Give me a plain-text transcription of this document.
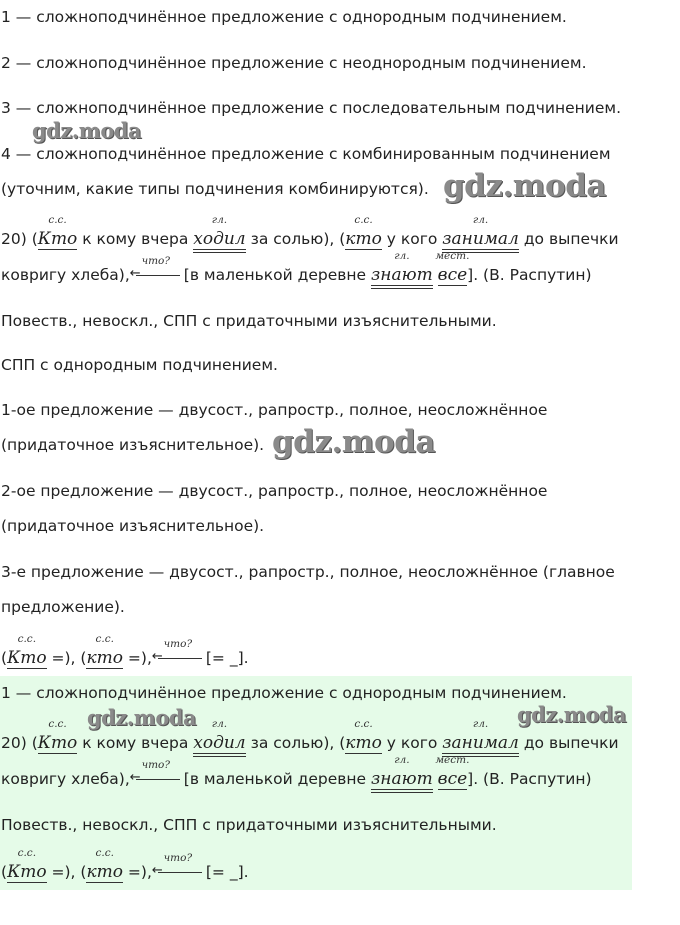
1 — сложноподчинённое предложение с однородным подчинением.
2 — сложноподчинённое предложение с неоднородным подчинением.
3 — сложноподчинённое предложение с последовательным подчинением.
4 — сложноподчинённое предложение с комбинированным подчинением
(уточним, какие типы подчинения комбинируются).
gdz.moda
gdz.moda
gdz.moda
gdz.moda	gdz.moda
20) (
с.с.
Кто к кому вчера
гл.
ходил за солью), (
с.с.
кто у кого
гл.
занимал до выпечки
ковригу хлеба),
что?
←	[в маленькой деревне
гл.
знают
мест.
все]. (В. Распутин)
Повеств., невоскл., СПП с придаточными изъяснительными.
СПП с однородным подчинением.
1-ое предложение — двусост., рапростр., полное, неосложнённое
(придаточное изъяснительное).
2-ое предложение — двусост., рапростр., полное, неосложнённое
(придаточное изъяснительное).
3-е предложение — двусост., рапростр., полное, неосложнённое (главное
предложение).
(
с.с.
Кто =), (
с.с.
кто =),
что?
←	[= _].
1 — сложноподчинённое предложение с однородным подчинением.
20) (
с.с.
Кто к кому вчера
гл.
ходил за солью), (
с.с.
кто у кого
гл.
занимал до выпечки
ковригу хлеба),
что?
←	[в маленькой деревне
гл.
знают
мест.
все]. (В. Распутин)
Повеств., невоскл., СПП с придаточными изъяснительными.
(
с.с.
Кто =), (
с.с.
кто =),
что?
←	[= _].
